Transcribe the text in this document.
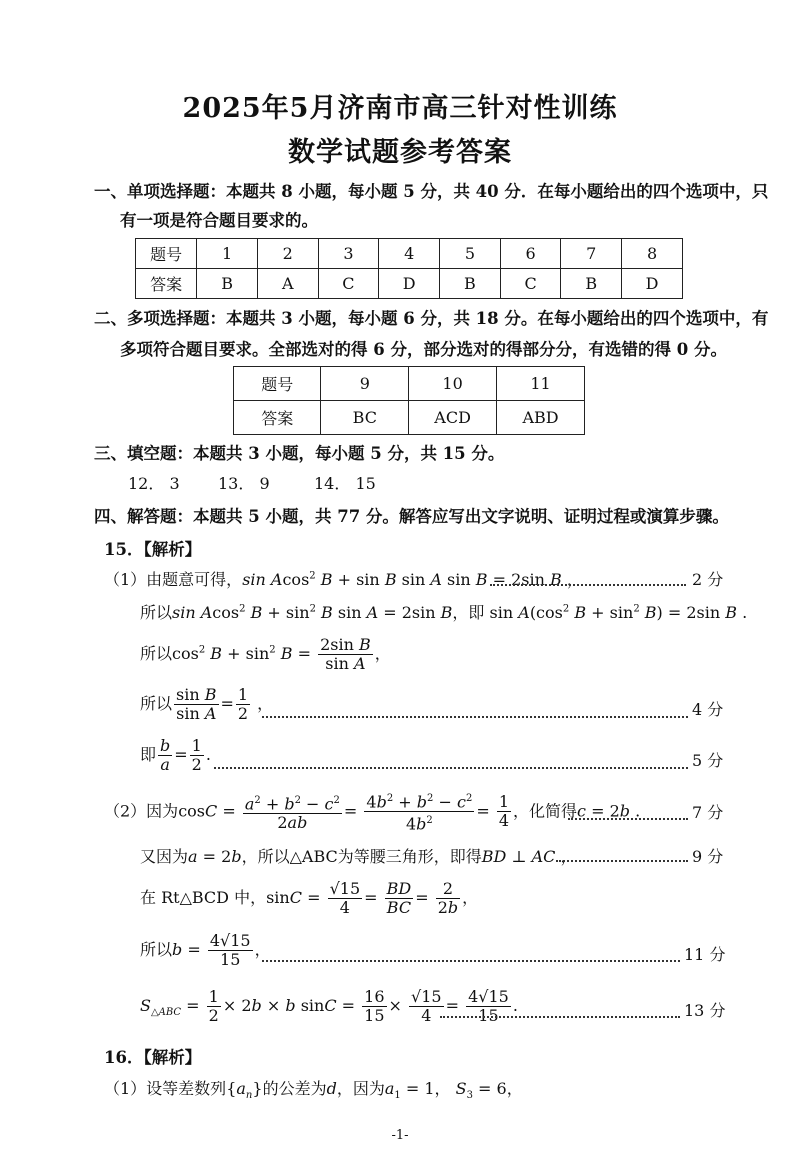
2025年5月济南市高三针对性训练
数学试题参考答案
一、单项选择题：本题共 8 小题，每小题 5 分，共 40 分．在每小题给出的四个选项中，只
有一项是符合题目要求的。
题号	1	2	3	4	5	6	7	8
答案	B	A	C	D	B	C	B	D
二、多项选择题：本题共 3 小题，每小题 6 分，共 18 分。在每小题给出的四个选项中，有
多项符合题目要求。全部选对的得 6 分，部分选对的得部分分，有选错的得 0 分。
题号	9	10	11
答案	BC	ACD	ABD
三、填空题：本题共 3 小题，每小题 5 分，共 15 分。
12． 3 13． 9	14． 15
四、解答题：本题共 5 小题，共 77 分。解答应写出文字说明、证明过程或演算步骤。
15．【解析】
（1）由题意可得，sin Acos$^2$ B + sin B sin A sin B = 2sin B ，	2 分
所以sin Acos$^2$ $B + \sin^2 B$ sin A = 2sin B，即 $\sin A(\cos^2$ $B + \sin^2 B) = 2\sin$ B .
所以$\cos^2 B + \sin^2 B = \frac{\text{2sin B}}{\text{sin A}}$ ，
所以 $\frac{\text{sin B}}{\text{sin A}} = \frac{1}{2}$ ，	4 分
即 $\frac{b}{a} = \frac{1}{2}$ .	5 分
（2）因为$\cos C = \frac{a^2 + b^2 - c^2}{2ab} = \frac{4b^2 + b^2 - c^2}{4b^2} = \frac{1}{4}$ ，化简得c = 2b .	7 分
又因为a = 2b，所以△ABC为等腰三角形，即得BD ⊥ AC ，	9 分
在 Rt△BCD 中，$\sin C = \frac{√15}{4} = \frac{BD}{BC} = \frac{2}{2b}$ ，
所以$b = \frac{4√15}{15}$ ，	11 分
$S_{\triangle ABC} = \frac{1}{2} \times 2b \times b$ $\sin C = \frac{16}{15} \times \frac{√15}{4} = \frac{4√15}{15}$ .	13 分
16．【解析】
（1）设等差数列$\{a_n\}$的公差为d，因为$a_1 = 1$， $S_3 = 6$，
-1-
